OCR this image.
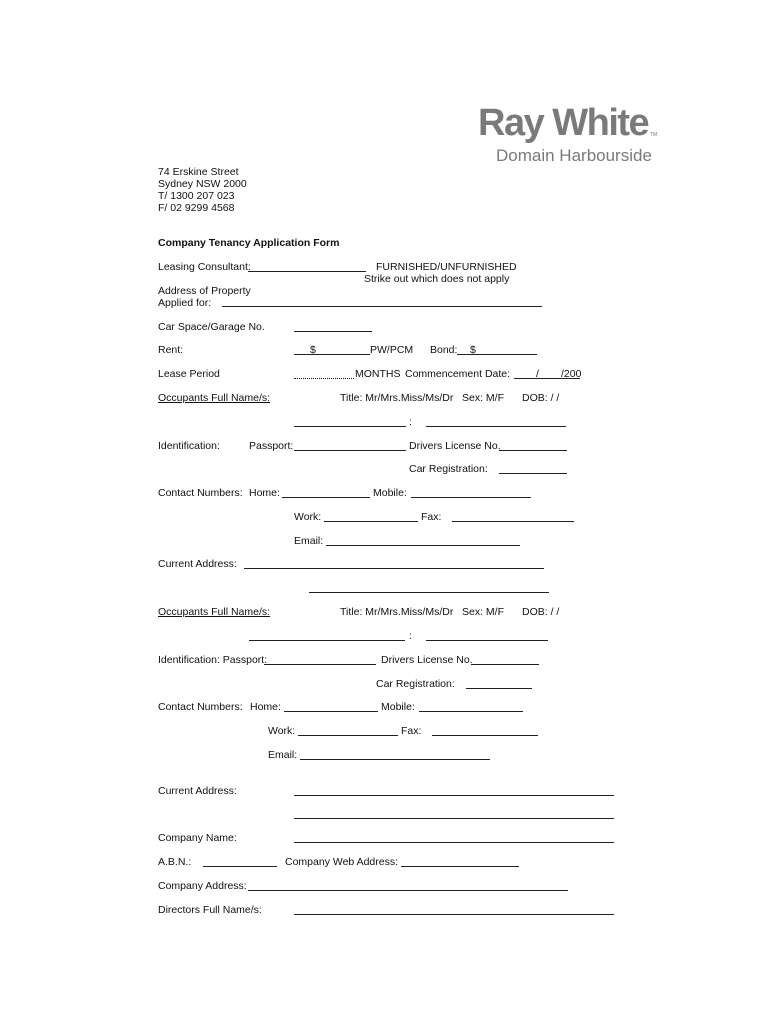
Ray White TM
Domain Harbourside
74 Erskine Street
Sydney NSW 2000
T/ 1300 207 023
F/ 02 9299 4568
Company Tenancy Application Form
Leasing Consultant:	FURNISHED/UNFURNISHED
Strike out which does not apply
Address of Property
Applied for:
Car Space/Garage No.
Rent:	$	PW/PCM Bond: $
Lease Period	MONTHS Commencement Date: / /200
Occupants Full Name/s:	Title: Mr/Mrs.Miss/Ms/Dr Sex: M/F DOB: / /
:
Identification:	Passport:	Drivers License No.
Car Registration:
Contact Numbers: Home:	Mobile:
Work:	Fax:
Email:
Current Address:
Occupants Full Name/s:	Title: Mr/Mrs.Miss/Ms/Dr Sex: M/F DOB: / /
:
Identification: Passport:	Drivers License No.
Car Registration:
Contact Numbers: Home:	Mobile:
Work:	Fax:
Email:
Current Address:
Company Name:
A.B.N.:	Company Web Address:
Company Address:
Directors Full Name/s:
